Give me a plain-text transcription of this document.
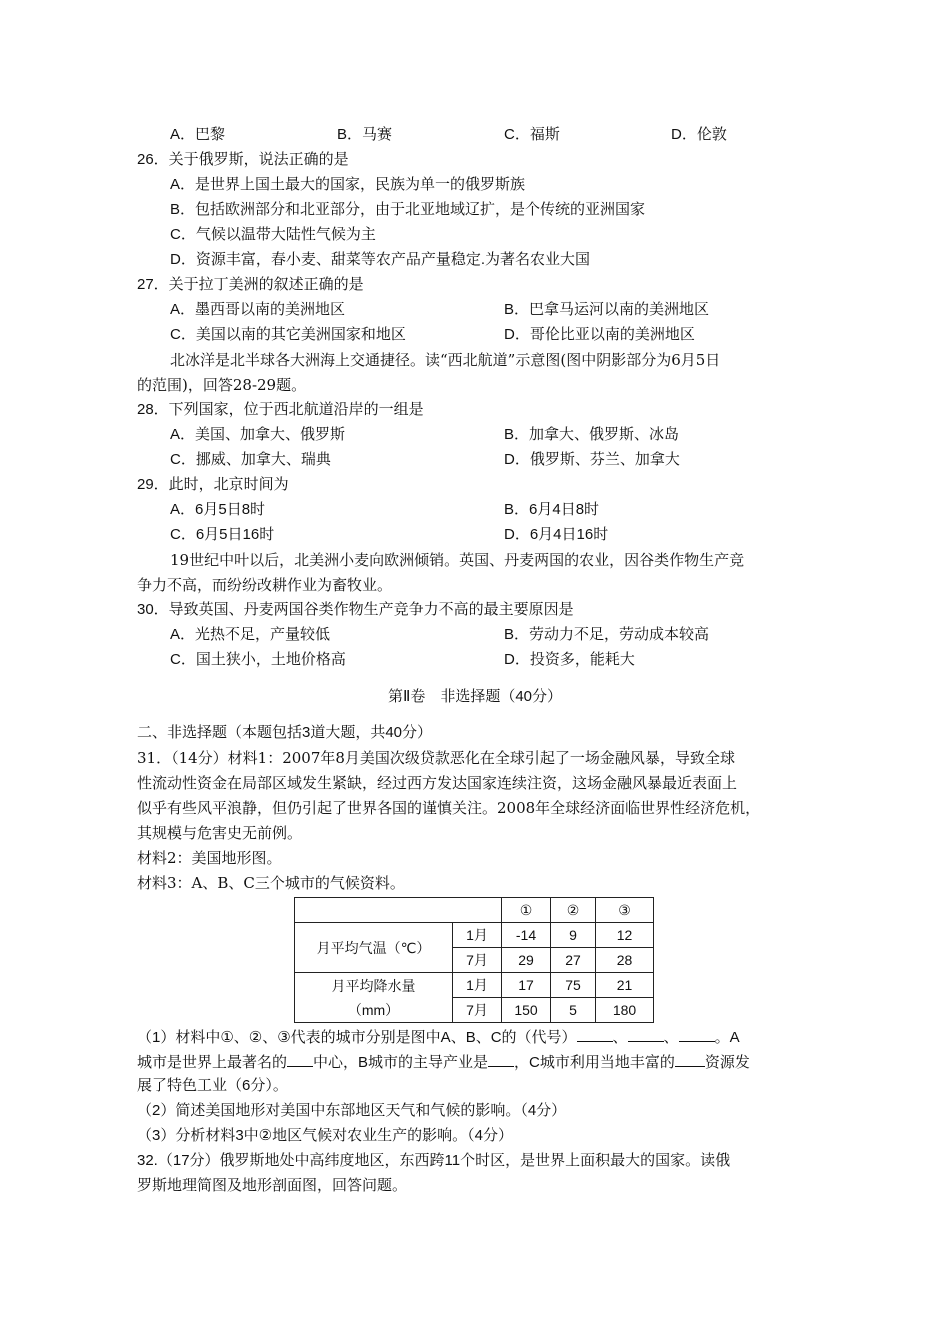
A．巴黎	B．马赛	C．福斯	D．伦敦
26．关于俄罗斯，说法正确的是
A．是世界上国土最大的国家，民族为单一的俄罗斯族
B．包括欧洲部分和北亚部分，由于北亚地域辽扩，是个传统的亚洲国家
C．气候以温带大陆性气候为主
D．资源丰富，春小麦、甜菜等农产品产量稳定.为著名农业大国
27．关于拉丁美洲的叙述正确的是
A．墨西哥以南的美洲地区	B．巴拿马运河以南的美洲地区
C．美国以南的其它美洲国家和地区	D．哥伦比亚以南的美洲地区
北冰洋是北半球各大洲海上交通捷径。读“西北航道”示意图(图中阴影部分为6月5日
的范围)，回答28-29题。
28．下列国家，位于西北航道沿岸的一组是
A．美国、加拿大、俄罗斯	B．加拿大、俄罗斯、冰岛
C．挪威、加拿大、瑞典	D．俄罗斯、芬兰、加拿大
29．此时，北京时间为
A．6月5日8时	B．6月4日8时
C．6月5日16时	D．6月4日16时
19世纪中叶以后，北美洲小麦向欧洲倾销。英国、丹麦两国的农业，因谷类作物生产竞
争力不高，而纷纷改耕作业为畜牧业。
30．导致英国、丹麦两国谷类作物生产竞争力不高的最主要原因是
A．光热不足，产量较低	B．劳动力不足，劳动成本较高
C．国土狭小，土地价格高	D．投资多，能耗大
第Ⅱ卷　非选择题（40分）
二、非选择题（本题包括3道大题，共40分）
31．（14分）材料1：2007年8月美国次级贷款恶化在全球引起了一场金融风暴，导致全球
性流动性资金在局部区域发生紧缺，经过西方发达国家连续注资，这场金融风暴最近表面上
似乎有些风平浪静，但仍引起了世界各国的谨慎关注。2008年全球经济面临世界性经济危机，
其规模与危害史无前例。
材料2：美国地形图。
材料3：A、B、C三个城市的气候资料。
		①	②	③
月平均气温（℃）	1月	-14	9	12
	7月	29	27	28

月平均降水量
（mm）	1月	17	75	21
	7月	150	5	180
（1）材料中①、②、③代表的城市分别是图中A、B、C的（代号） 、 、 。A
城市是世界上最著名的 中心，B城市的主导产业是 ，C城市利用当地丰富的 资源发
展了特色工业（6分）。
（2）简述美国地形对美国中东部地区天气和气候的影响。（4分）
（3）分析材料3中②地区气候对农业生产的影响。（4分）
32.（17分）俄罗斯地处中高纬度地区，东西跨11个时区，是世界上面积最大的国家。读俄
罗斯地理简图及地形剖面图，回答问题。
